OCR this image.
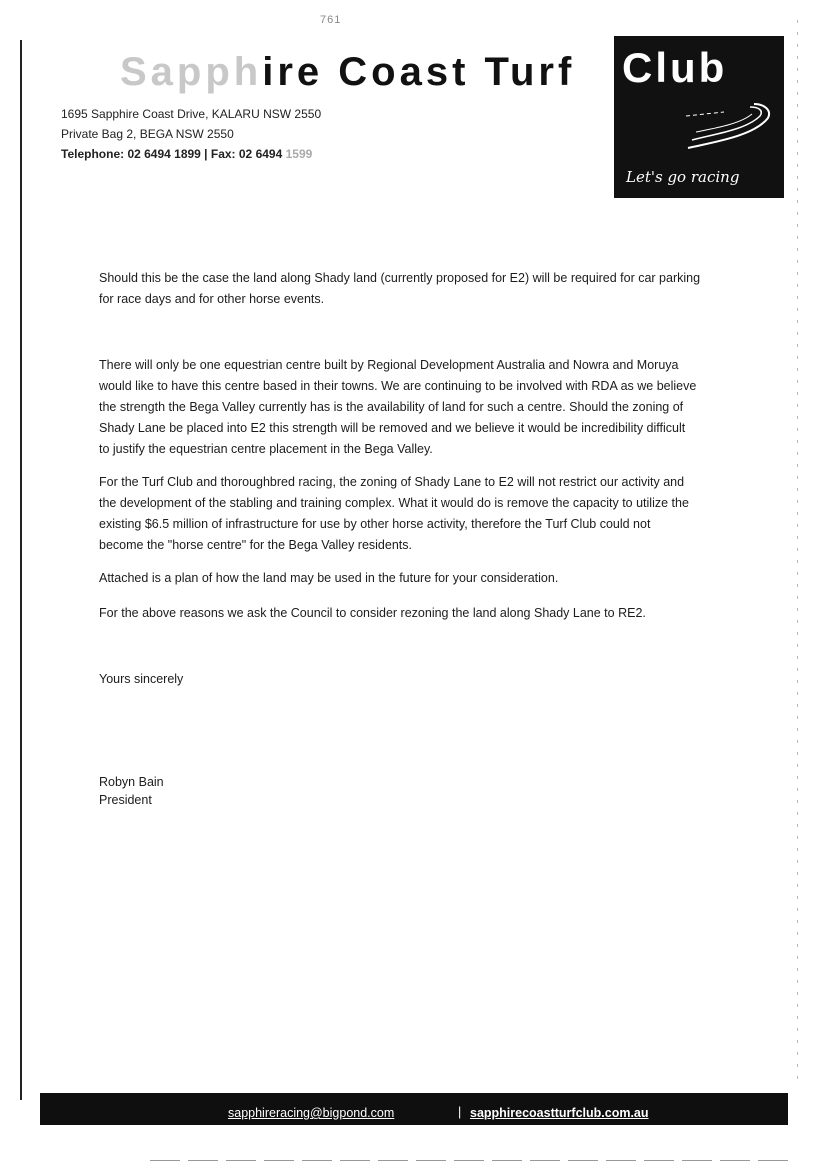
761
Sapphire Coast Turf Club
Let's go racing
1695 Sapphire Coast Drive, KALARU NSW 2550
Private Bag 2, BEGA NSW 2550
Telephone: 02 6494 1899 | Fax: 02 6494 1599
Should this be the case the land along Shady land (currently proposed for E2) will be required for car parking
for race days and for other horse events.
There will only be one equestrian centre built by Regional Development Australia and Nowra and Moruya
would like to have this centre based in their towns. We are continuing to be involved with RDA as we believe
the strength the Bega Valley currently has is the availability of land for such a centre. Should the zoning of
Shady Lane be placed into E2 this strength will be removed and we believe it would be incredibility difficult
to justify the equestrian centre placement in the Bega Valley.
For the Turf Club and thoroughbred racing, the zoning of Shady Lane to E2 will not restrict our activity and
the development of the stabling and training complex. What it would do is remove the capacity to utilize the
existing $6.5 million of infrastructure for use by other horse activity, therefore the Turf Club could not
become the "horse centre" for the Bega Valley residents.
Attached is a plan of how the land may be used in the future for your consideration.
For the above reasons we ask the Council to consider rezoning the land along Shady Lane to RE2.
Yours sincerely
Robyn Bain
President
sapphireracing@bigpond.com	| sapphirecoastturfclub.com.au
